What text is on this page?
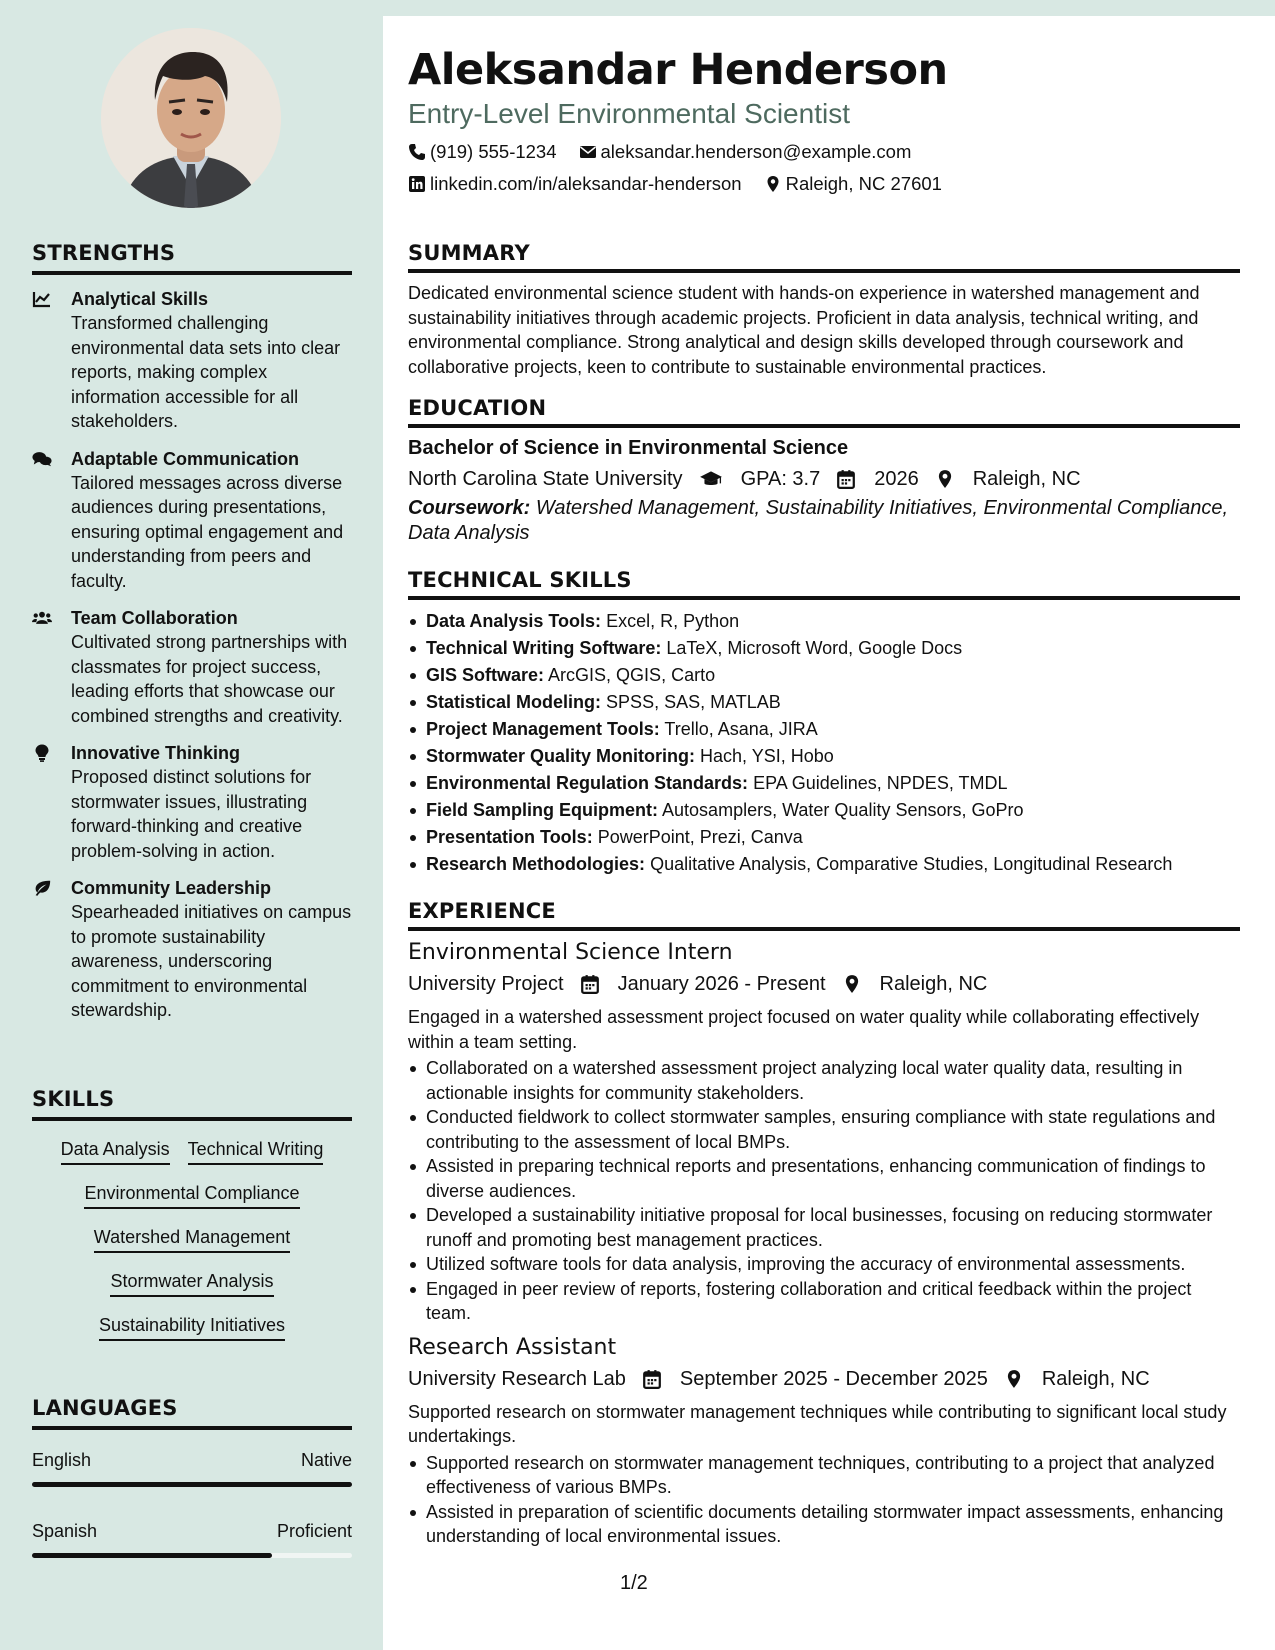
STRENGTHS
Analytical Skills
Transformed challenging environmental data sets into clear reports, making complex information accessible for all stakeholders.
Adaptable Communication
Tailored messages across diverse audiences during presentations, ensuring optimal engagement and understanding from peers and faculty.
Team Collaboration
Cultivated strong partnerships with classmates for project success, leading efforts that showcase our combined strengths and creativity.
Innovative Thinking
Proposed distinct solutions for stormwater issues, illustrating forward-thinking and creative problem-solving in action.
Community Leadership
Spearheaded initiatives on campus to promote sustainability awareness, underscoring commitment to environmental stewardship.
SKILLS
Data Analysis Technical Writing
Environmental Compliance
Watershed Management
Stormwater Analysis
Sustainability Initiatives
LANGUAGES
English	Native
Spanish	Proficient
Aleksandar Henderson
Entry-Level Environmental Scientist
(919) 555-1234 aleksandar.henderson@example.com
linkedin.com/in/aleksandar-henderson Raleigh, NC 27601
SUMMARY
Dedicated environmental science student with hands-on experience in watershed management and sustainability initiatives through academic projects. Proficient in data analysis, technical writing, and environmental compliance. Strong analytical and design skills developed through coursework and collaborative projects, keen to contribute to sustainable environmental practices.
EDUCATION
Bachelor of Science in Environmental Science
North Carolina State University	GPA: 3.7	2026	Raleigh, NC
Coursework: Watershed Management, Sustainability Initiatives, Environmental Compliance, Data Analysis
TECHNICAL SKILLS
Data Analysis Tools: Excel, R, Python
Technical Writing Software: LaTeX, Microsoft Word, Google Docs
GIS Software: ArcGIS, QGIS, Carto
Statistical Modeling: SPSS, SAS, MATLAB
Project Management Tools: Trello, Asana, JIRA
Stormwater Quality Monitoring: Hach, YSI, Hobo
Environmental Regulation Standards: EPA Guidelines, NPDES, TMDL
Field Sampling Equipment: Autosamplers, Water Quality Sensors, GoPro
Presentation Tools: PowerPoint, Prezi, Canva
Research Methodologies: Qualitative Analysis, Comparative Studies, Longitudinal Research
EXPERIENCE
Environmental Science Intern
University Project	January 2026 - Present	Raleigh, NC
Engaged in a watershed assessment project focused on water quality while collaborating effectively within a team setting.
Collaborated on a watershed assessment project analyzing local water quality data, resulting in actionable insights for community stakeholders.
Conducted fieldwork to collect stormwater samples, ensuring compliance with state regulations and contributing to the assessment of local BMPs.
Assisted in preparing technical reports and presentations, enhancing communication of findings to diverse audiences.
Developed a sustainability initiative proposal for local businesses, focusing on reducing stormwater runoff and promoting best management practices.
Utilized software tools for data analysis, improving the accuracy of environmental assessments.
Engaged in peer review of reports, fostering collaboration and critical feedback within the project team.
Research Assistant
University Research Lab	September 2025 - December 2025	Raleigh, NC
Supported research on stormwater management techniques while contributing to significant local study undertakings.
Supported research on stormwater management techniques, contributing to a project that analyzed effectiveness of various BMPs.
Assisted in preparation of scientific documents detailing stormwater impact assessments, enhancing understanding of local environmental issues.
1/2
